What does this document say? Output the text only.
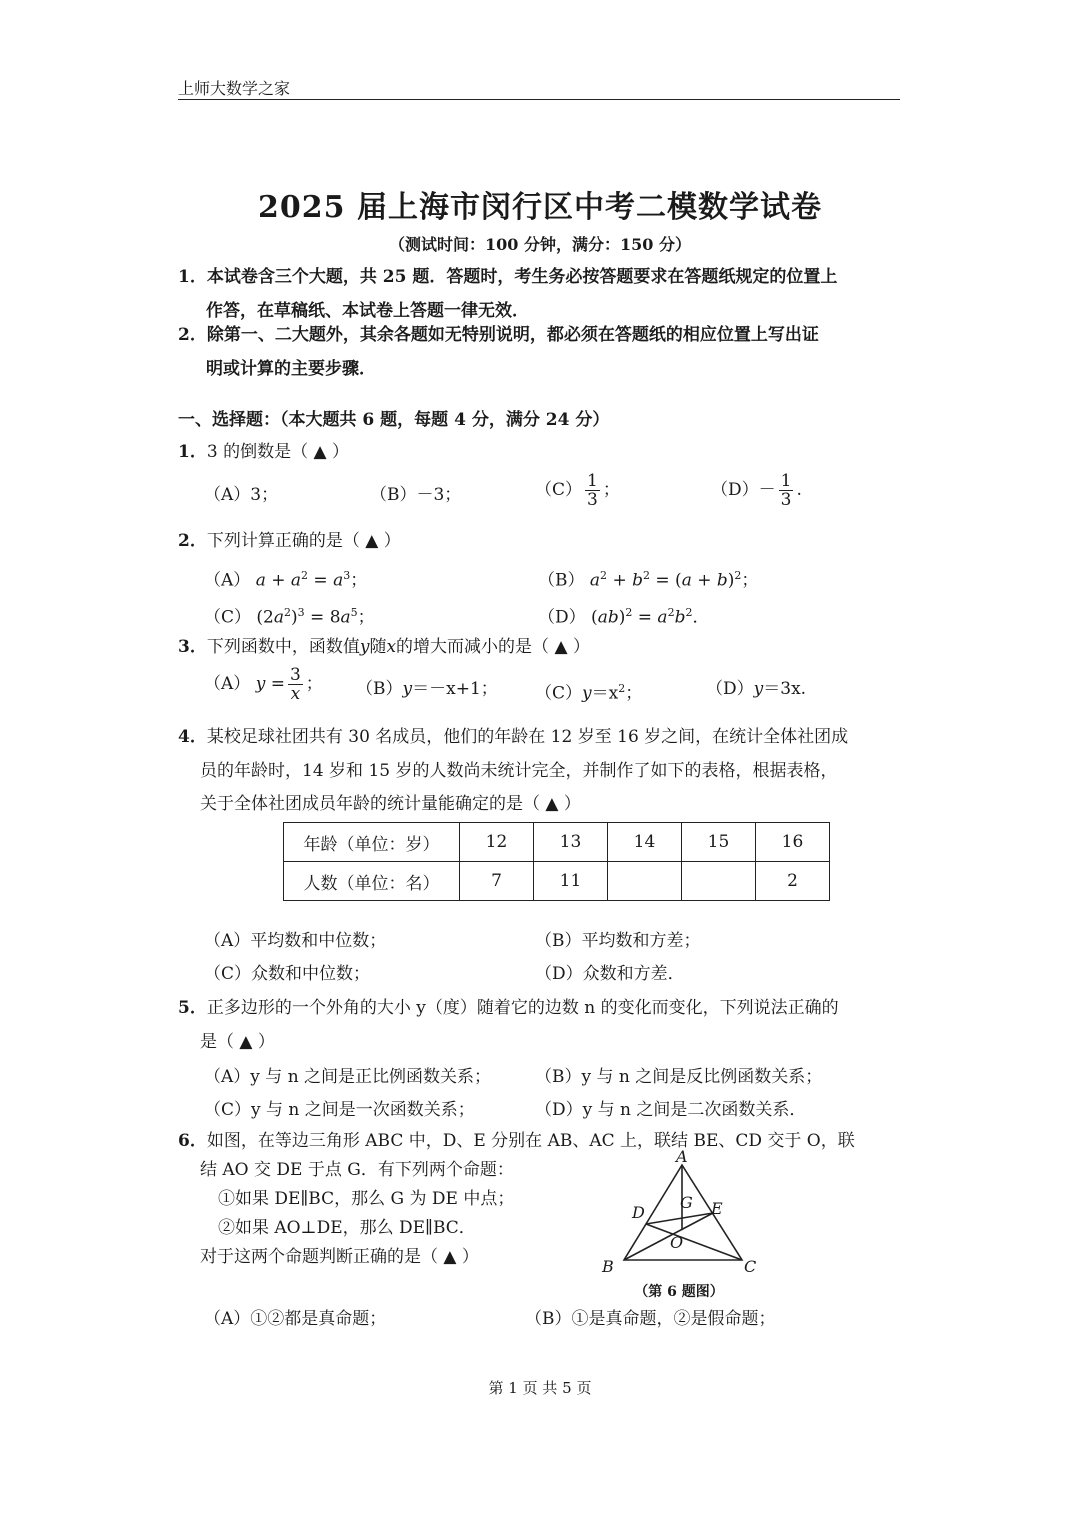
上师大数学之家
2025 届上海市闵行区中考二模数学试卷
（测试时间：100 分钟，满分：150 分）
1．本试卷含三个大题，共 25 题．答题时，考生务必按答题要求在答题纸规定的位置上
作答，在草稿纸、本试卷上答题一律无效．
2．除第一、二大题外，其余各题如无特别说明，都必须在答题纸的相应位置上写出证
明或计算的主要步骤．
一、选择题：（本大题共 6 题，每题 4 分，满分 24 分）
1．3 的倒数是（ ▲ ）
（A）3；	（B）－3；	$(C) \frac{1}{3}$ ；	$(D)- \frac{1}{3}$ .
2．下列计算正确的是（ ▲ ）
（A） $a + a^2 = a^3$；	（B） $a^2 + b^2 = (a + b)^2$；
（C） $(2a^2)^3 = 8a^5$；	（D） $(ab)^2 = a^2b^2$．
3．下列函数中，函数值y随x的增大而减小的是（ ▲ ）
（A） $y = \frac{3}{x}$ ； （B）y＝－x+1； $(C)y=x^2$；	（D）y＝3x.
4．某校足球社团共有 30 名成员，他们的年龄在 12 岁至 16 岁之间，在统计全体社团成
员的年龄时，14 岁和 15 岁的人数尚未统计完全，并制作了如下的表格，根据表格，
关于全体社团成员年龄的统计量能确定的是（ ▲ ）
年龄（单位：岁）	12	13	14	15	16
人数（单位：名）	7	11			2
（A）平均数和中位数；	（B）平均数和方差；
（C）众数和中位数；	（D）众数和方差．
5．正多边形的一个外角的大小 y（度）随着它的边数 n 的变化而变化，下列说法正确的
是（ ▲ ）
（A）y 与 n 之间是正比例函数关系；	（B）y 与 n 之间是反比例函数关系；
（C）y 与 n 之间是一次函数关系；	（D）y 与 n 之间是二次函数关系．
6．如图，在等边三角形 ABC 中，D、E 分别在 AB、AC 上，联结 BE、CD 交于 O，联
结 AO 交 DE 于点 G．有下列两个命题：
①如果 DE∥BC，那么 G 为 DE 中点；
②如果 AO⊥DE，那么 DE∥BC．
对于这两个命题判断正确的是（ ▲ ）
A
B	C
D	E
G
O
（第 6 题图）
（A）①②都是真命题；	（B）①是真命题，②是假命题；
第 1 页 共 5 页
